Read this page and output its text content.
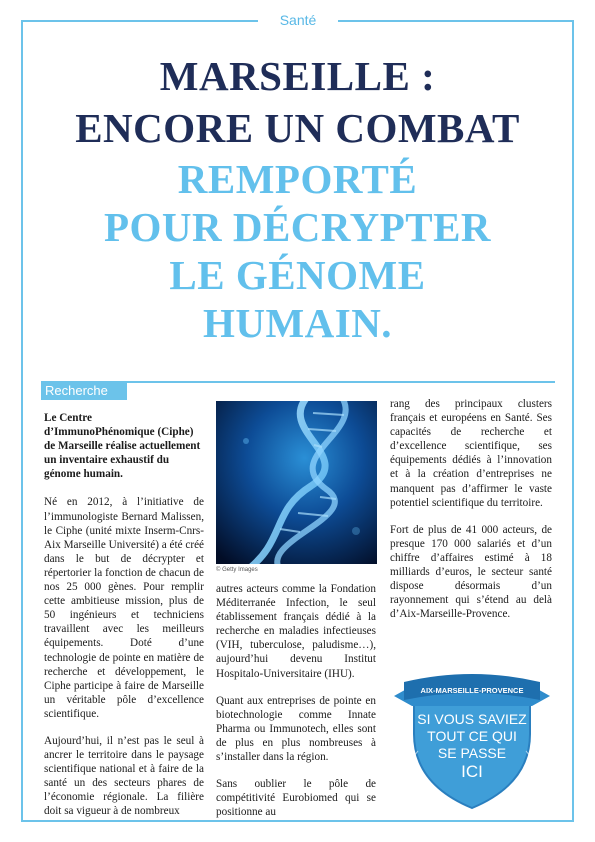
Santé
MARSEILLE :
ENCORE UN COMBAT
REMPORTÉ
POUR DÉCRYPTER
LE GÉNOME
HUMAIN.
Recherche

Le Centre d’ImmunoPhénomique (Ciphe) de Marseille réalise actuellement un inventaire exhaustif du génome humain.

Né en 2012, à l’initiative de l’immunologiste Bernard Malissen, le Ciphe (unité mixte Inserm-Cnrs-Aix Marseille Université) a été créé dans le but de décrypter et répertorier la fonction de chacun de nos 25 000 gènes. Pour remplir cette ambitieuse mission, plus de 50 ingénieurs et techniciens travaillent avec les meilleurs équipements. Doté d’une technologie de pointe en matière de recherche et développement, le Ciphe participe à faire de Marseille un véritable pôle d’excellence scientifique.

Aujourd’hui, il n’est pas le seul à ancrer le territoire dans le paysage scientifique national et à faire de la santé un des secteurs phares de l’économie régionale. La filière doit sa vigueur à de nombreux

© Getty Images

autres acteurs comme la Fondation Méditerranée Infection, le seul établissement français dédié à la recherche en maladies infectieuses (VIH, tuberculose, paludisme…), aujourd’hui devenu Institut Hospitalo-Universitaire (IHU).

Quant aux entreprises de pointe en biotechnologie comme Innate Pharma ou Immunotech, elles sont de plus en plus nombreuses à s’installer dans la région.

Sans oublier le pôle de compétitivité Eurobiomed qui se positionne au

rang des principaux clusters français et européens en Santé. Ses capacités de recherche et d’excellence scientifique, ses équipements dédiés à l’innovation et à la création d’entreprises ne manquent pas d’affirmer le vaste potentiel scientifique du territoire.

Fort de plus de 41 000 acteurs, de presque 170 000 salariés et d’un chiffre d’affaires estimé à 18 milliards d’euros, le secteur santé dispose désormais d’un rayonnement qui s’étend au delà d’Aix-Marseille-Provence.

AIX-MARSEILLE-PROVENCE
SI VOUS SAVIEZ
TOUT CE QUI
SE PASSE
ICI
